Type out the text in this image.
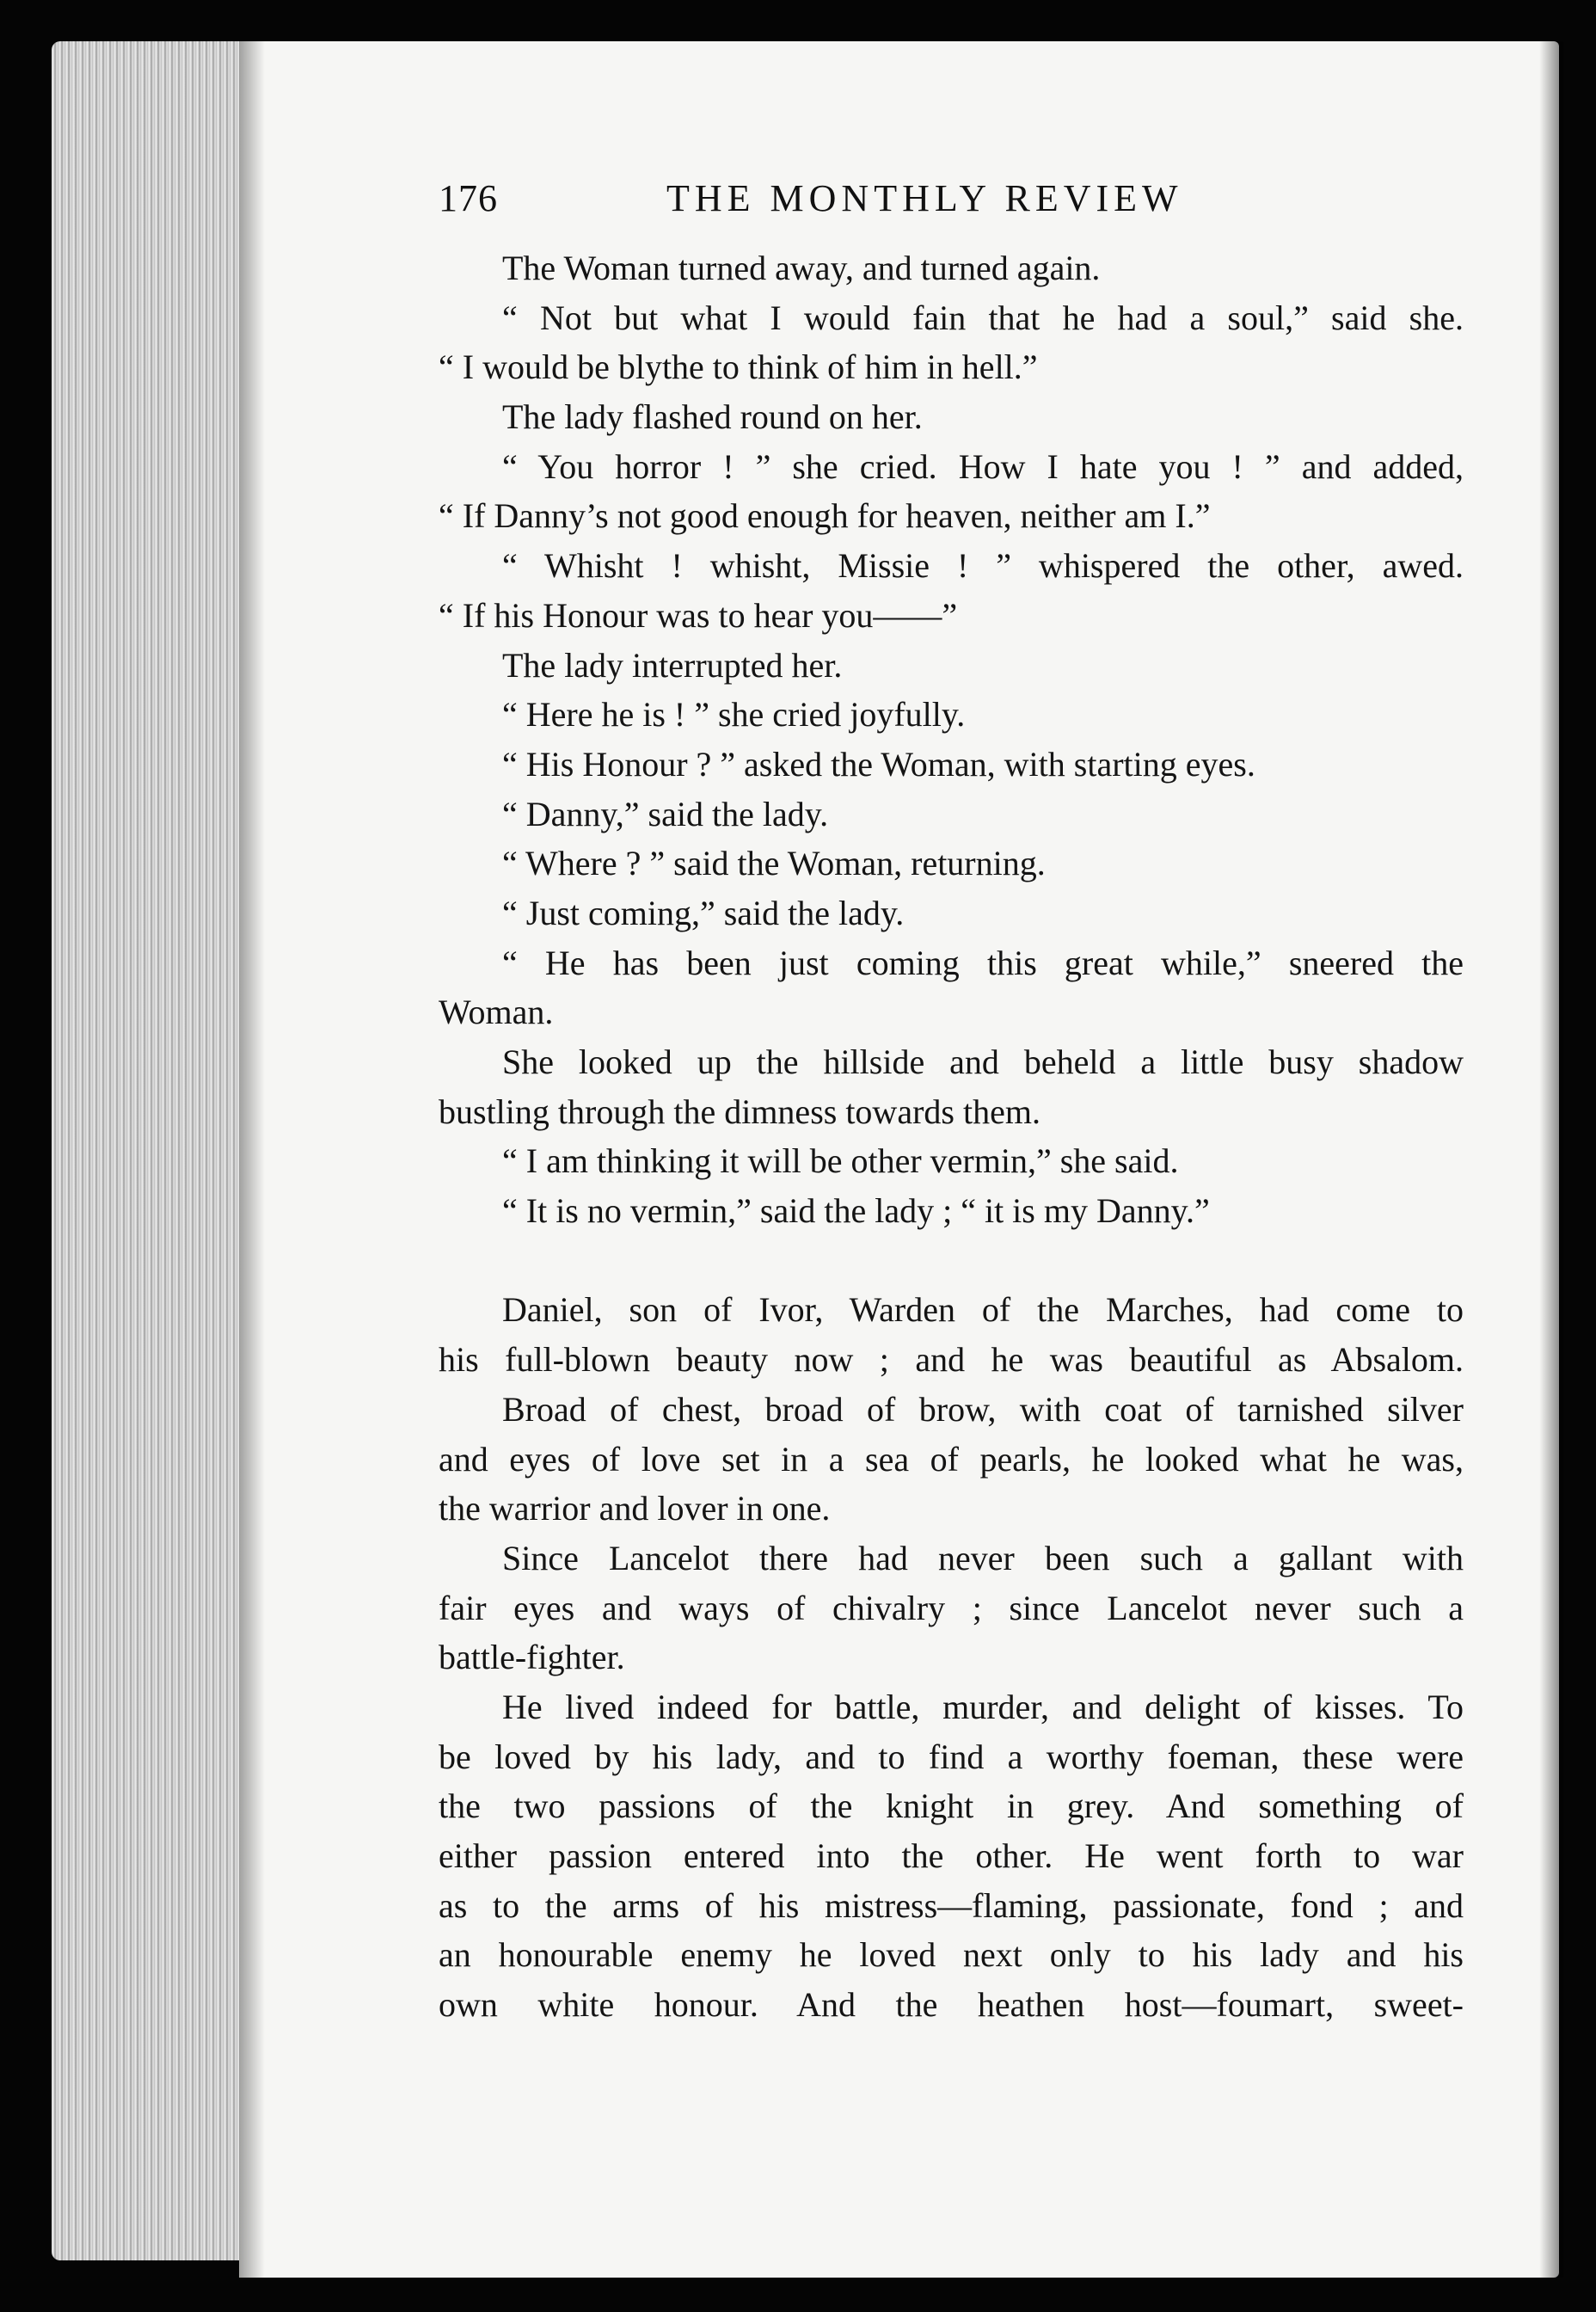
176	THE MONTHLY REVIEW
The Woman turned away, and turned again.
“ Not but what I would fain that he had a soul,” said she.
“ I would be blythe to think of him in hell.”
The lady flashed round on her.
“ You horror ! ” she cried. How I hate you ! ” and added,
“ If Danny’s not good enough for heaven, neither am I.”
“ Whisht ! whisht, Missie ! ” whispered the other, awed.
“ If his Honour was to hear you——”
The lady interrupted her.
“ Here he is ! ” she cried joyfully.
“ His Honour ? ” asked the Woman, with starting eyes.
“ Danny,” said the lady.
“ Where ? ” said the Woman, returning.
“ Just coming,” said the lady.
“ He has been just coming this great while,” sneered the
Woman.
She looked up the hillside and beheld a little busy shadow
bustling through the dimness towards them.
“ I am thinking it will be other vermin,” she said.
“ It is no vermin,” said the lady ; “ it is my Danny.”
Daniel, son of Ivor, Warden of the Marches, had come to
his full-blown beauty now ; and he was beautiful as Absalom.
Broad of chest, broad of brow, with coat of tarnished silver
and eyes of love set in a sea of pearls, he looked what he was,
the warrior and lover in one.
Since Lancelot there had never been such a gallant with
fair eyes and ways of chivalry ; since Lancelot never such a
battle-fighter.
He lived indeed for battle, murder, and delight of kisses. To
be loved by his lady, and to find a worthy foeman, these were
the two passions of the knight in grey. And something of
either passion entered into the other. He went forth to war
as to the arms of his mistress—flaming, passionate, fond ; and
an honourable enemy he loved next only to his lady and his
own white honour. And the heathen host—foumart, sweet-
